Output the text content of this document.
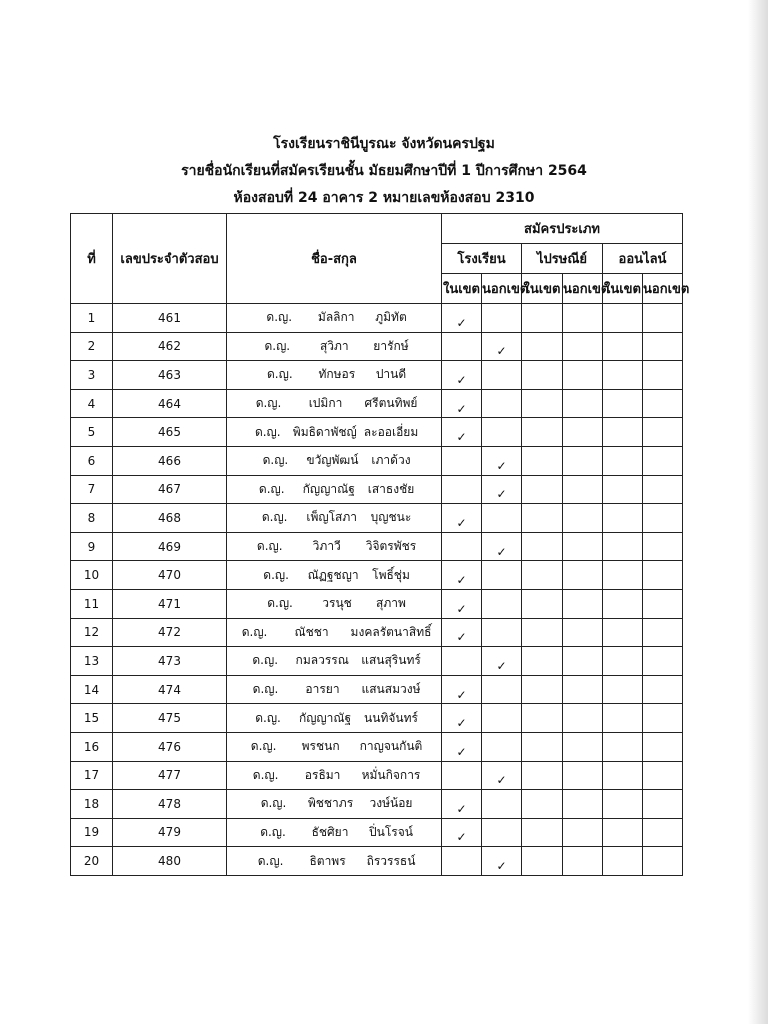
โรงเรียนราชินีบูรณะ จังหวัดนครปฐม
รายชื่อนักเรียนที่สมัครเรียนชั้น มัธยมศึกษาปีที่ 1 ปีการศึกษา 2564
ห้องสอบที่ 24 อาคาร 2 หมายเลขห้องสอบ 2310
ที่	เลขประจำตัวสอบ	ชื่อ-สกุล	สมัครประเภท					
			โรงเรียน		ไปรษณีย์		ออนไลน์	
			ในเขต	นอกเขต	ในเขต	นอกเขต	ในเขต	นอกเขต
1	461	ด.ญ. มัลลิกา ภูมิทัต	✓					
2	462	ด.ญ. สุวิภา ยารักษ์		✓				
3	463	ด.ญ. ทักษอร ปานดี	✓					
4	464	ด.ญ. เปมิกา ศรีตนทิพย์	✓					
5	465	ด.ญ. พิมธิดาพัชญ์ ละออเอี่ยม	✓					
6	466	ด.ญ. ขวัญพัฒน์ เภาด้วง		✓				
7	467	ด.ญ. กัญญาณัฐ เสาธงชัย		✓				
8	468	ด.ญ. เพ็ญโสภา บุญชนะ	✓					
9	469	ด.ญ. วิภาวี วิจิตรพัชร		✓				
10	470	ด.ญ. ณัฏฐชญา โพธิ์ชุ่ม	✓					
11	471	ด.ญ. วรนุช สุภาพ	✓					
12	472	ด.ญ. ณัชชา มงคลรัตนาสิทธิ์	✓					
13	473	ด.ญ. กมลวรรณ แสนสุรินทร์		✓				
14	474	ด.ญ. อารยา แสนสมวงษ์	✓					
15	475	ด.ญ. กัญญาณัฐ นนทิจันทร์	✓					
16	476	ด.ญ. พรชนก กาญจนกันติ	✓					
17	477	ด.ญ. อรธิมา หมั่นกิจการ		✓				
18	478	ด.ญ. พิชชาภร วงษ์น้อย	✓					
19	479	ด.ญ. ธัชศิยา ปิ่นโรจน์	✓					
20	480	ด.ญ. ธิตาพร ถิรวรรธน์		✓				
